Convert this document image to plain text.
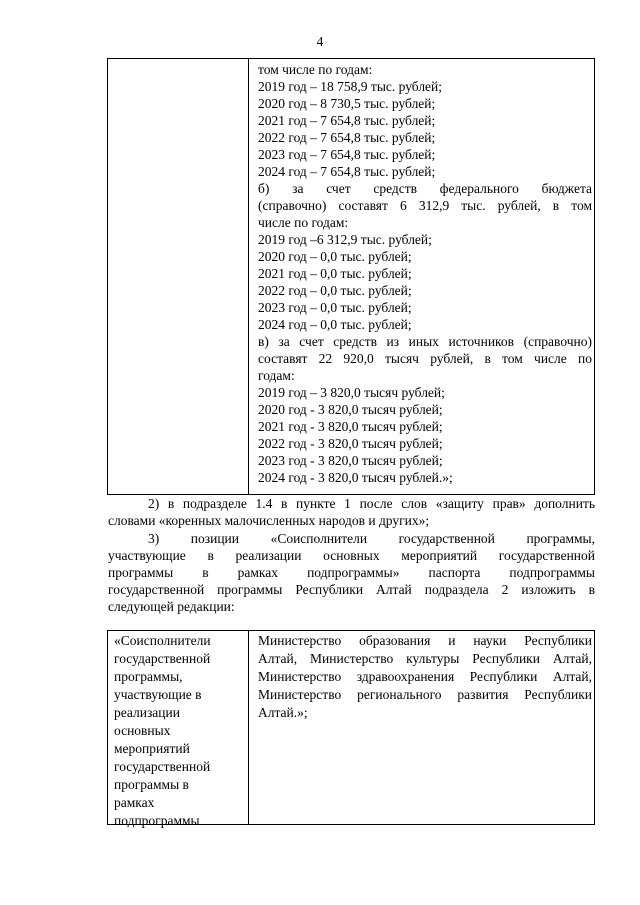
4
том числе по годам:
2019 год – 18 758,9 тыс. рублей;
2020 год – 8 730,5 тыс. рублей;
2021 год – 7 654,8 тыс. рублей;
2022 год – 7 654,8 тыс. рублей;
2023 год – 7 654,8 тыс. рублей;
2024 год – 7 654,8 тыс. рублей;
б) за счет средств федерального бюджета
(справочно) составят 6 312,9 тыс. рублей, в том
числе по годам:
2019 год –6 312,9 тыс. рублей;
2020 год – 0,0 тыс. рублей;
2021 год – 0,0 тыс. рублей;
2022 год – 0,0 тыс. рублей;
2023 год – 0,0 тыс. рублей;
2024 год – 0,0 тыс. рублей;
в) за счет средств из иных источников (справочно)
составят 22 920,0 тысяч рублей, в том числе по
годам:
2019 год – 3 820,0 тысяч рублей;
2020 год - 3 820,0 тысяч рублей;
2021 год - 3 820,0 тысяч рублей;
2022 год - 3 820,0 тысяч рублей;
2023 год - 3 820,0 тысяч рублей;
2024 год - 3 820,0 тысяч рублей.»;
2) в подразделе 1.4 в пункте 1 после слов «защиту прав» дополнить
словами «коренных малочисленных народов и других»;
3) позиции «Соисполнители государственной программы,
участвующие в реализации основных мероприятий государственной
программы в рамках подпрограммы» паспорта подпрограммы
государственной программы Республики Алтай подраздела 2 изложить в
следующей редакции:
«Соисполнители
государственной
программы,
участвующие в
реализации
основных
мероприятий
государственной
программы в
рамках
подпрограммы
Министерство образования и науки Республики
Алтай, Министерство культуры Республики Алтай,
Министерство здравоохранения Республики Алтай,
Министерство регионального развития Республики
Алтай.»;
